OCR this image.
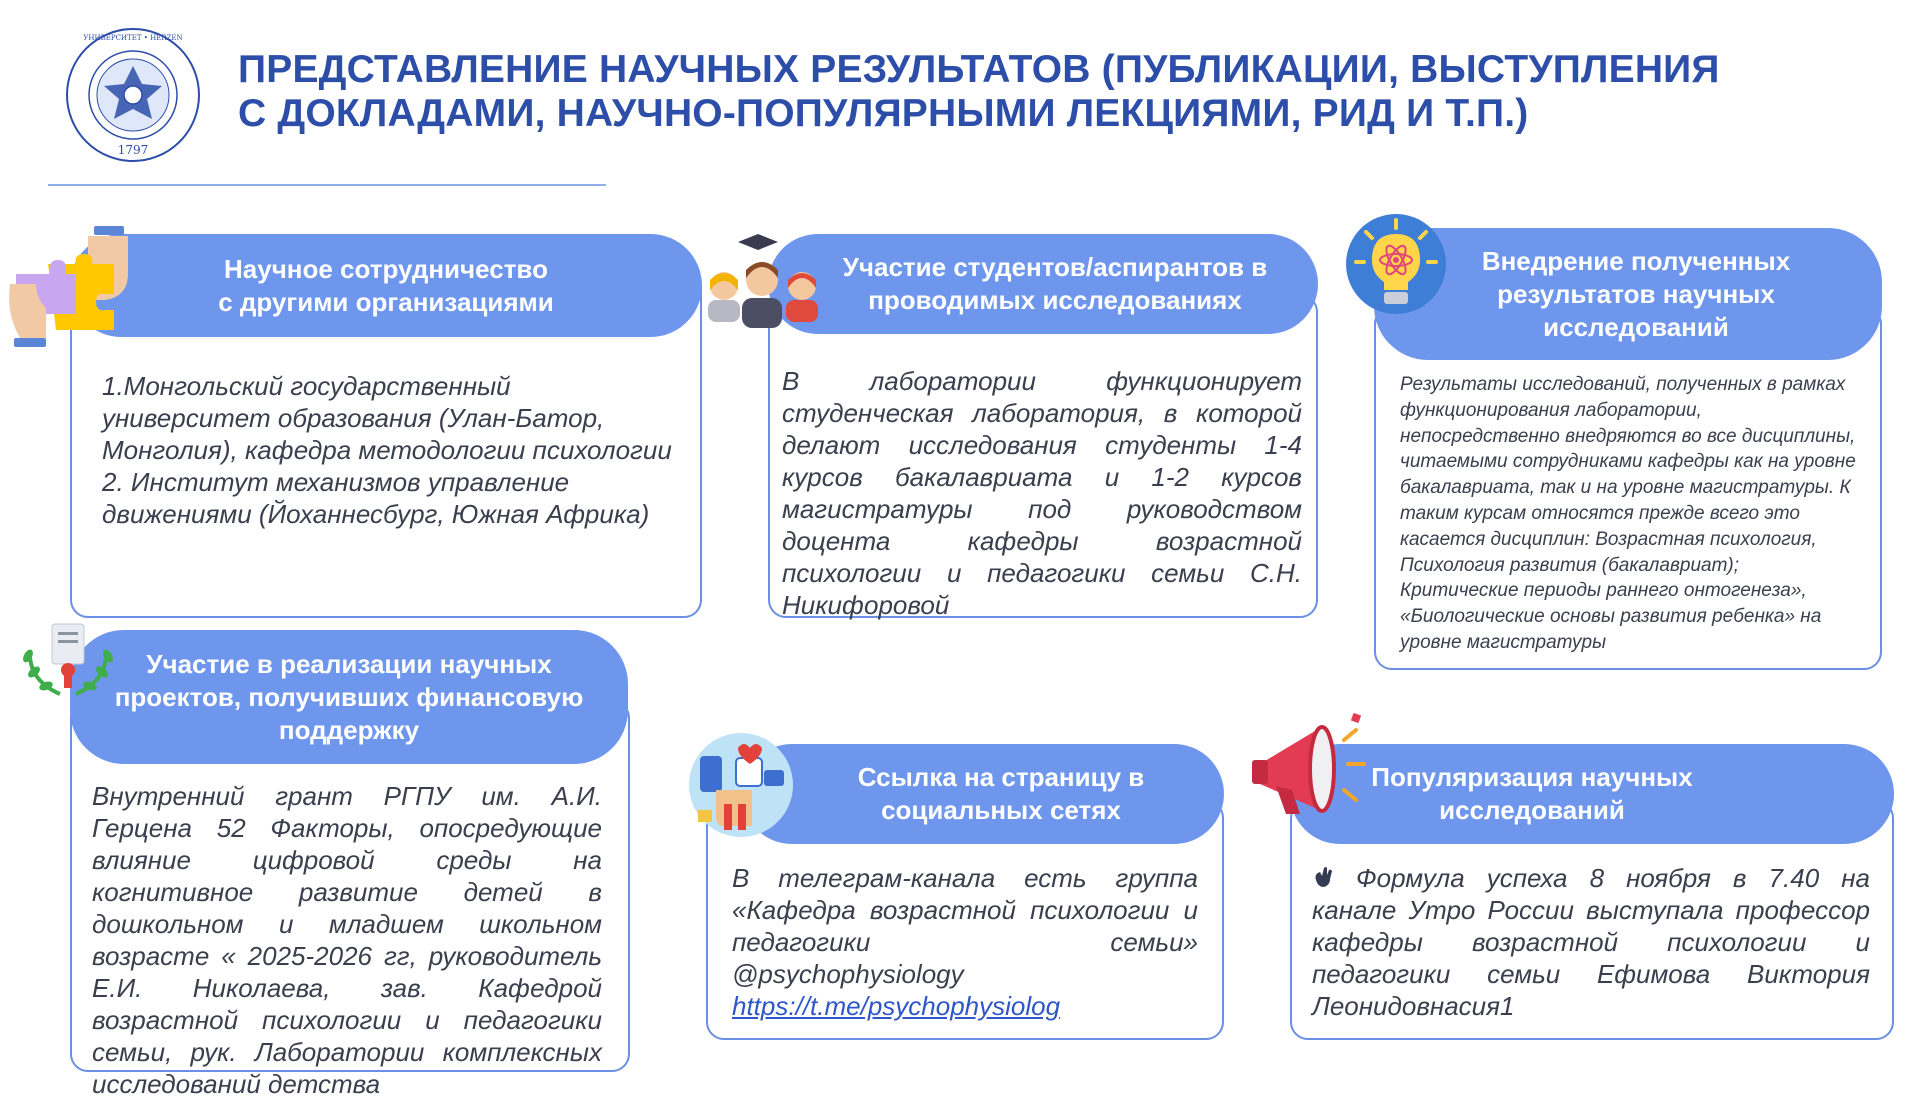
УНИВЕРСИТЕТ • HERZEN
1797
ПРЕДСТАВЛЕНИЕ НАУЧНЫХ РЕЗУЛЬТАТОВ (ПУБЛИКАЦИИ, ВЫСТУПЛЕНИЯ
С ДОКЛАДАМИ, НАУЧНО-ПОПУЛЯРНЫМИ ЛЕКЦИЯМИ, РИД И Т.П.)
Научное сотрудничество
с другими организациями
1.Монгольский государственный университет образования (Улан-Батор, Монголия), кафедра методологии психологии
2. Институт механизмов управление движениями (Йоханнесбург, Южная Африка)
Участие студентов/аспирантов в
проводимых исследованиях
В лаборатории функционирует студенческая лаборатория, в которой делают исследования студенты 1-4 курсов бакалавриата и 1-2 курсов магистратуры под руководством доцента кафедры возрастной психологии и педагогики семьи С.Н. Никифоровой
Внедрение полученных
результатов научных
исследований
Результаты исследований, полученных в рамках функционирования лаборатории, непосредственно внедряются во все дисциплины, читаемыми сотрудниками кафедры как на уровне бакалавриата, так и на уровне магистратуры. К таким курсам относятся прежде всего это касается дисциплин: Возрастная психология, Психология развития (бакалавриат); Критические периоды раннего онтогенеза», «Биологические основы развития ребенка» на уровне магистратуры
Участие в реализации научных
проектов, получивших финансовую
поддержку
Внутренний грант РГПУ им. А.И. Герцена 52 Факторы, опосредующие влияние цифровой среды на когнитивное развитие детей в дошкольном и младшем школьном возрасте « 2025-2026 гг, руководитель Е.И. Николаева, зав. Кафедрой возрастной психологии и педагогики семьи, рук. Лаборатории комплексных исследований детства
Ссылка на страницу в
социальных сетях
В телеграм-канала есть группа «Кафедра возрастной психологии и педагогики семьи» @psychophysiology
https://t.me/psychophysiolog
Популяризация научных
исследований
Формула успеха 8 ноября в 7.40 на канале Утро России выступала профессор кафедры возрастной психологии и педагогики семьи Ефимова Виктория Леонидовнасия1
